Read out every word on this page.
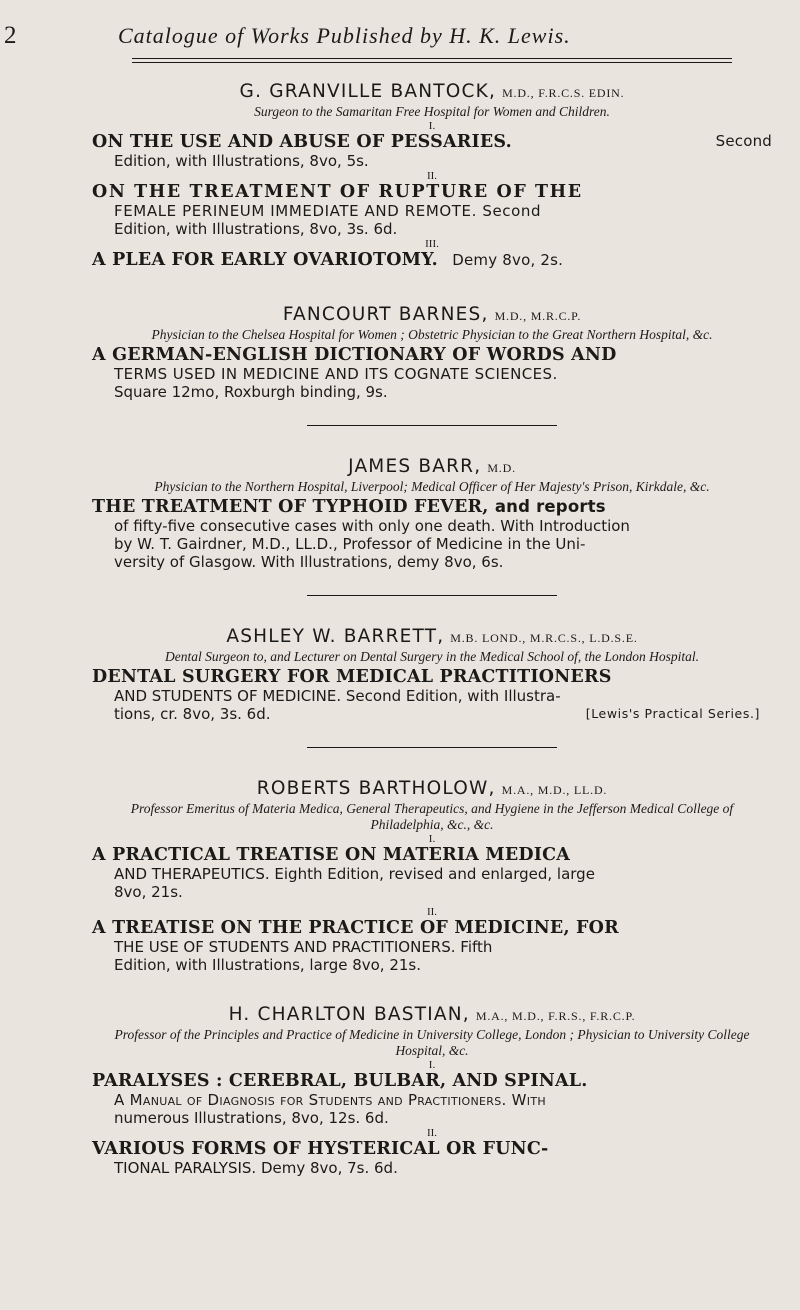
2	Catalogue of Works Published by H. K. Lewis.
G. GRANVILLE BANTOCK, M.D., F.R.C.S. EDIN.
Surgeon to the Samaritan Free Hospital for Women and Children.
I.
ON THE USE AND ABUSE OF PESSARIES.	Second
Edition, with Illustrations, 8vo, 5s.
II.
ON THE TREATMENT OF RUPTURE OF THE
FEMALE PERINEUM IMMEDIATE AND REMOTE. Second
Edition, with Illustrations, 8vo, 3s. 6d.
III.
A PLEA FOR EARLY OVARIOTOMY. Demy 8vo, 2s.
FANCOURT BARNES, M.D., M.R.C.P.
Physician to the Chelsea Hospital for Women ; Obstetric Physician to the Great Northern Hospital, &c.
A GERMAN-ENGLISH DICTIONARY OF WORDS AND
TERMS USED IN MEDICINE AND ITS COGNATE SCIENCES.
Square 12mo, Roxburgh binding, 9s.
JAMES BARR, M.D.
Physician to the Northern Hospital, Liverpool; Medical Officer of Her Majesty's Prison, Kirkdale, &c.
THE TREATMENT OF TYPHOID FEVER, and reports
of fifty-five consecutive cases with only one death. With Introduction
by W. T. Gairdner, M.D., LL.D., Professor of Medicine in the Uni-
versity of Glasgow. With Illustrations, demy 8vo, 6s.
ASHLEY W. BARRETT, M.B. LOND., M.R.C.S., L.D.S.E.
Dental Surgeon to, and Lecturer on Dental Surgery in the Medical School of, the London Hospital.
DENTAL SURGERY FOR MEDICAL PRACTITIONERS
AND STUDENTS OF MEDICINE. Second Edition, with Illustra-
tions, cr. 8vo, 3s. 6d.	[Lewis's Practical Series.]
ROBERTS BARTHOLOW, M.A., M.D., LL.D.
Professor Emeritus of Materia Medica, General Therapeutics, and Hygiene in the Jefferson Medical College of Philadelphia, &c., &c.
I.
A PRACTICAL TREATISE ON MATERIA MEDICA
AND THERAPEUTICS. Eighth Edition, revised and enlarged, large
8vo, 21s.
II.
A TREATISE ON THE PRACTICE OF MEDICINE, FOR
THE USE OF STUDENTS AND PRACTITIONERS. Fifth
Edition, with Illustrations, large 8vo, 21s.
H. CHARLTON BASTIAN, M.A., M.D., F.R.S., F.R.C.P.
Professor of the Principles and Practice of Medicine in University College, London ; Physician to University College Hospital, &c.
I.
PARALYSES : CEREBRAL, BULBAR, AND SPINAL.
A Manual of Diagnosis for Students and Practitioners. With
numerous Illustrations, 8vo, 12s. 6d.
II.
VARIOUS FORMS OF HYSTERICAL OR FUNC-
TIONAL PARALYSIS. Demy 8vo, 7s. 6d.
